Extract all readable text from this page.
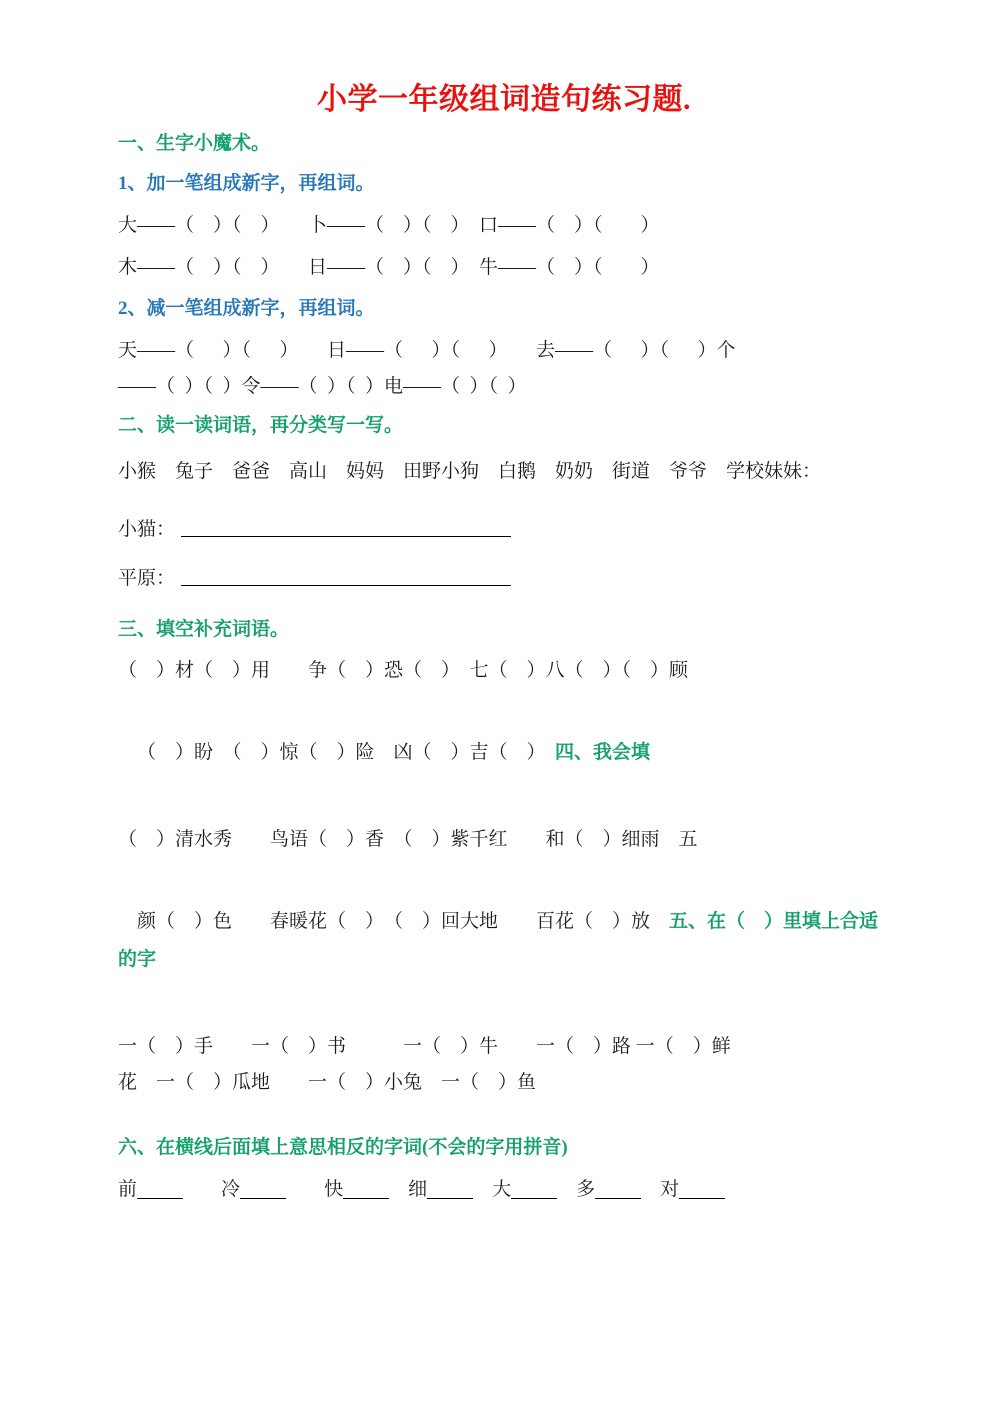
小学一年级组词造句练习题.

一、生字小魔术。

1、加一笔组成新字，再组词。

大——（    ）（    ）　　卜——（    ）（    ）　口——（    ）（        ）

木——（    ）（    ）　　日——（    ）（    ）　牛——（    ）（        ）

2、减一笔组成新字，再组词。

天——（      ）（      ）　　日——（      ）（      ）　　去——（      ）（      ）个

——（  ）（  ）令——（  ）（  ）电——（  ）（  ）

二、读一读词语，再分类写一写。

小猴　兔子　爸爸　高山　妈妈　田野小狗　白鹅　奶奶　街道　爷爷　学校妹妹：

小猫：
平原：

三、填空补充词语。

（    ）材（    ）用　　争（    ）恐（    ）　七（    ）八（    ）（    ）顾

（    ）盼　（    ）惊（    ）险　凶（    ）吉（    ）　四、我会填

（    ）清水秀　　鸟语（    ）香　（    ）紫千红　　和（    ）细雨　五

颜（    ）色　　春暖花（    ）　（    ）回大地　　百花（    ）放　五、在（    ）里填上合适的字

一（    ）手　　一（    ）书　　　一（    ）牛　　一（    ）路 一（    ）鲜

花　一（    ）瓜地　　一（    ）小兔　一（    ）鱼

六、在横线后面填上意思相反的字词(不会的字用拼音)

前　　	冷　　	快　	细　	大　	多　	对
